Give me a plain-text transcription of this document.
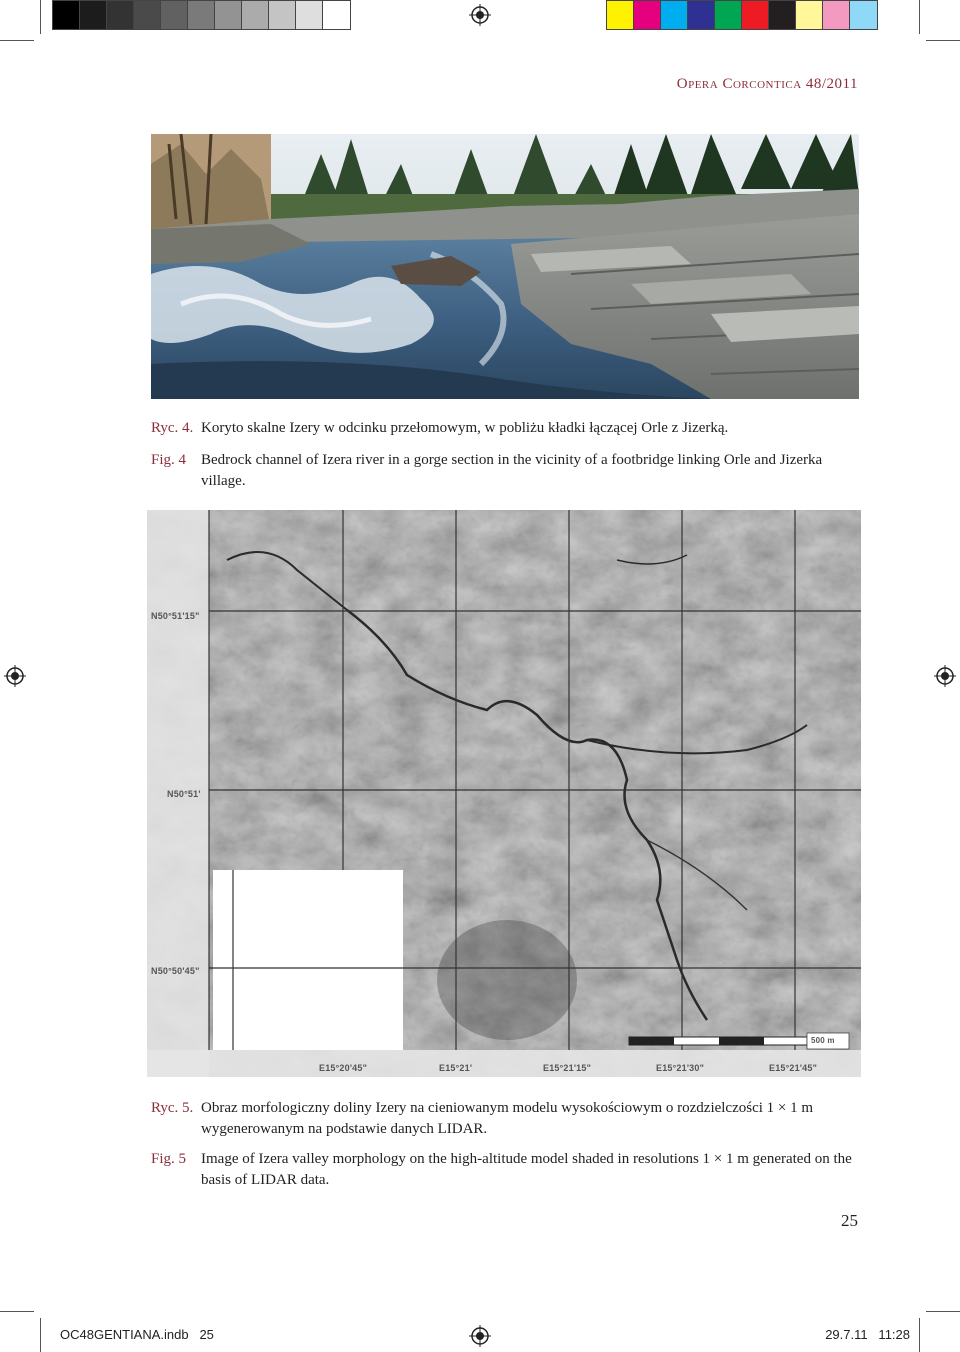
Opera Corcontica 48/2011
Ryc. 4. Koryto skalne Izery w odcinku przełomowym, w pobliżu kładki łączącej Orle z Jizerką.
Fig. 4 Bedrock channel of Izera river in a gorge section in the vicinity of a footbridge linking Orle and Jizerka village.
N50°51'15"
N50°51'
N50°50'45"
E15°20'45"	E15°21'	E15°21'15"	E15°21'30"	E15°21'45"
500 m
Ryc. 5. Obraz morfologiczny doliny Izery na cieniowanym modelu wysokościowym o rozdzielczości 1 × 1 m wygenerowanym na podstawie danych LIDAR.
Fig. 5 Image of Izera valley morphology on the high-altitude model shaded in resolutions 1 × 1 m generated on the basis of LIDAR data.
25
OC48GENTIANA.indb   25	29.7.11   11:28
